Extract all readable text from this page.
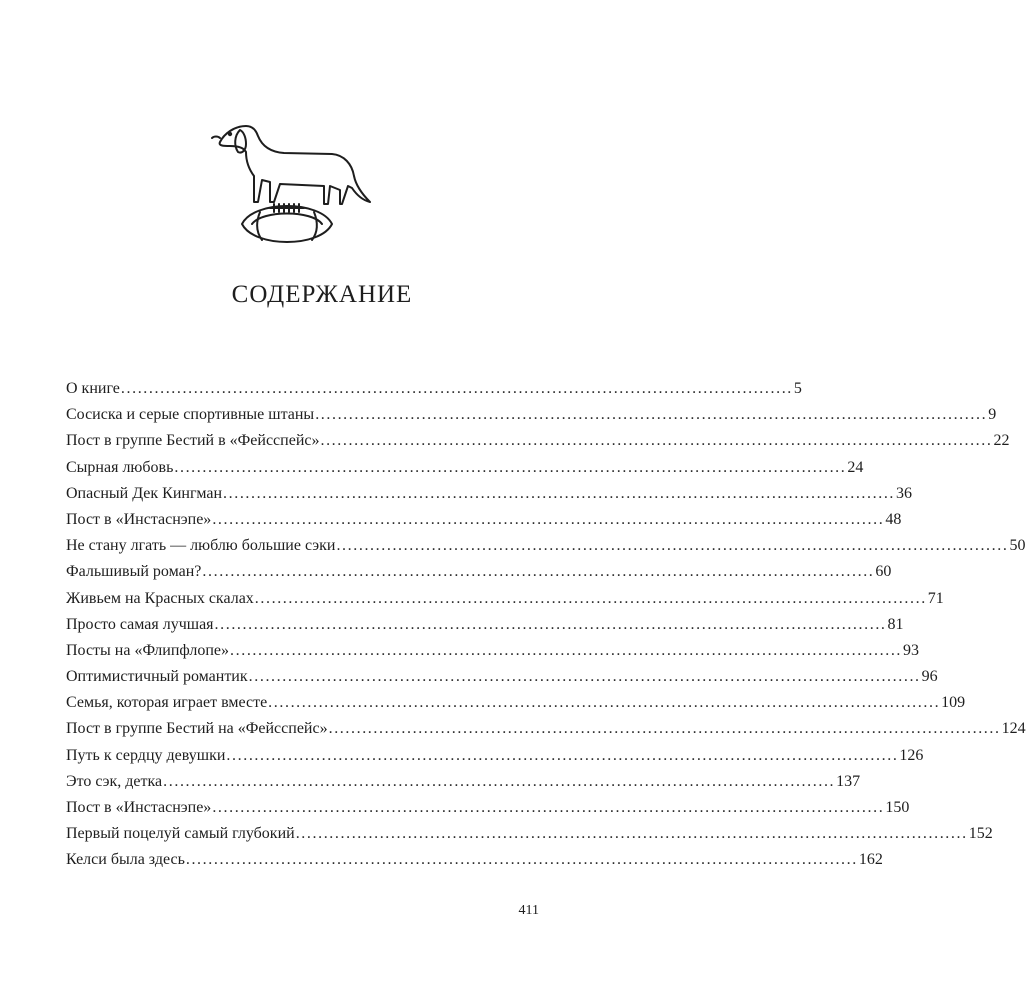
СОДЕРЖАНИЕ
О книге ........................................................................................................................ 5
Сосиска и серые спортивные штаны ........................................................................................................................ 9
Пост в группе Бестий в «Фейсспейс» ........................................................................................................................ 22
Сырная любовь ........................................................................................................................ 24
Опасный Дек Кингман ........................................................................................................................ 36
Пост в «Инстаснэпе» ........................................................................................................................ 48
Не стану лгать — люблю большие сэки ........................................................................................................................ 50
Фальшивый роман? ........................................................................................................................ 60
Живьем на Красных скалах ........................................................................................................................ 71
Просто самая лучшая ........................................................................................................................ 81
Посты на «Флипфлопе» ........................................................................................................................ 93
Оптимистичный романтик ........................................................................................................................ 96
Семья, которая играет вместе ........................................................................................................................ 109
Пост в группе Бестий на «Фейсспейс» ........................................................................................................................ 124
Путь к сердцу девушки ........................................................................................................................ 126
Это сэк, детка ........................................................................................................................ 137
Пост в «Инстаснэпе» ........................................................................................................................ 150
Первый поцелуй самый глубокий ........................................................................................................................ 152
Келси была здесь ........................................................................................................................ 162
411
